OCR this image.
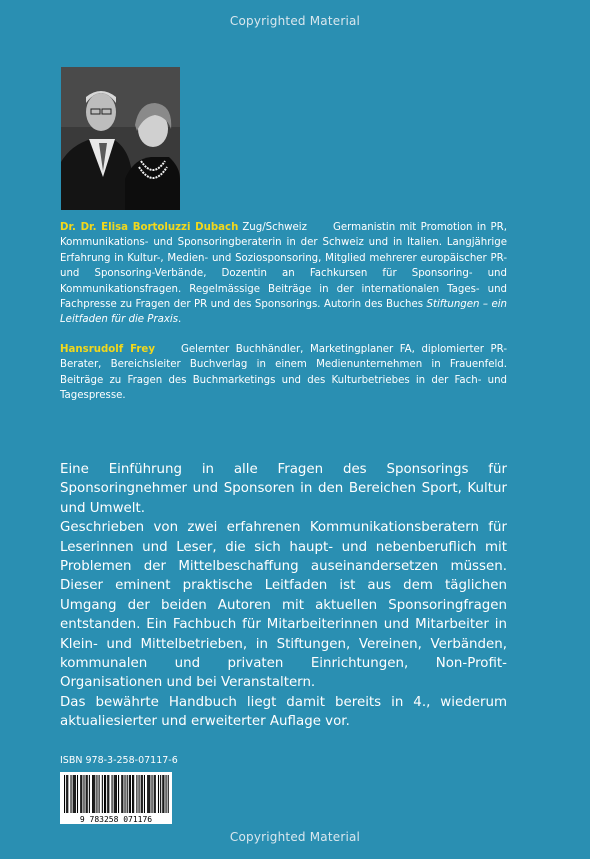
Copyrighted Material
Dr. Dr. Elisa Bortoluzzi Dubach Zug/Schweiz	Germanistin mit Promotion in PR, Kommunikations- und Sponsoringberaterin in der Schweiz und in Italien. Langjährige Erfahrung in Kultur-, Medien- und Soziosponsoring, Mitglied mehrerer europäischer PR- und Sponsoring-Verbände, Dozentin an Fachkursen für Sponsoring- und Kommunikationsfragen. Regelmässige Beiträge in der internationalen Tages- und Fachpresse zu Fragen der PR und des Sponsorings. Autorin des Buches Stiftungen – ein Leitfaden für die Praxis.
Hansrudolf Frey	Gelernter Buchhändler, Marketingplaner FA, diplomierter PR-Berater, Bereichsleiter Buchverlag in einem Medienunternehmen in Frauenfeld. Beiträge zu Fragen des Buchmarketings und des Kulturbetriebes in der Fach- und Tagespresse.

Eine Einführung in alle Fragen des Sponsorings für Sponsoringnehmer und Sponsoren in den Bereichen Sport, Kultur und Umwelt.

Geschrieben von zwei erfahrenen Kommunikationsberatern für Leserinnen und Leser, die sich haupt- und nebenberuflich mit Problemen der Mittelbeschaffung auseinandersetzen müssen. Dieser eminent praktische Leitfaden ist aus dem täglichen Umgang der beiden Autoren mit aktuellen Sponsoringfragen entstanden. Ein Fachbuch für Mitarbeiterinnen und Mitarbeiter in Klein- und Mittelbetrieben, in Stiftungen, Vereinen, Verbänden, kommunalen und privaten Einrichtungen, Non-Profit-Organisationen und bei Veranstaltern.

Das bewährte Handbuch liegt damit bereits in 4., wiederum aktualiesierter und erweiterter Auflage vor.

ISBN 978-3-258-07117-6
9 783258 071176
Copyrighted Material
